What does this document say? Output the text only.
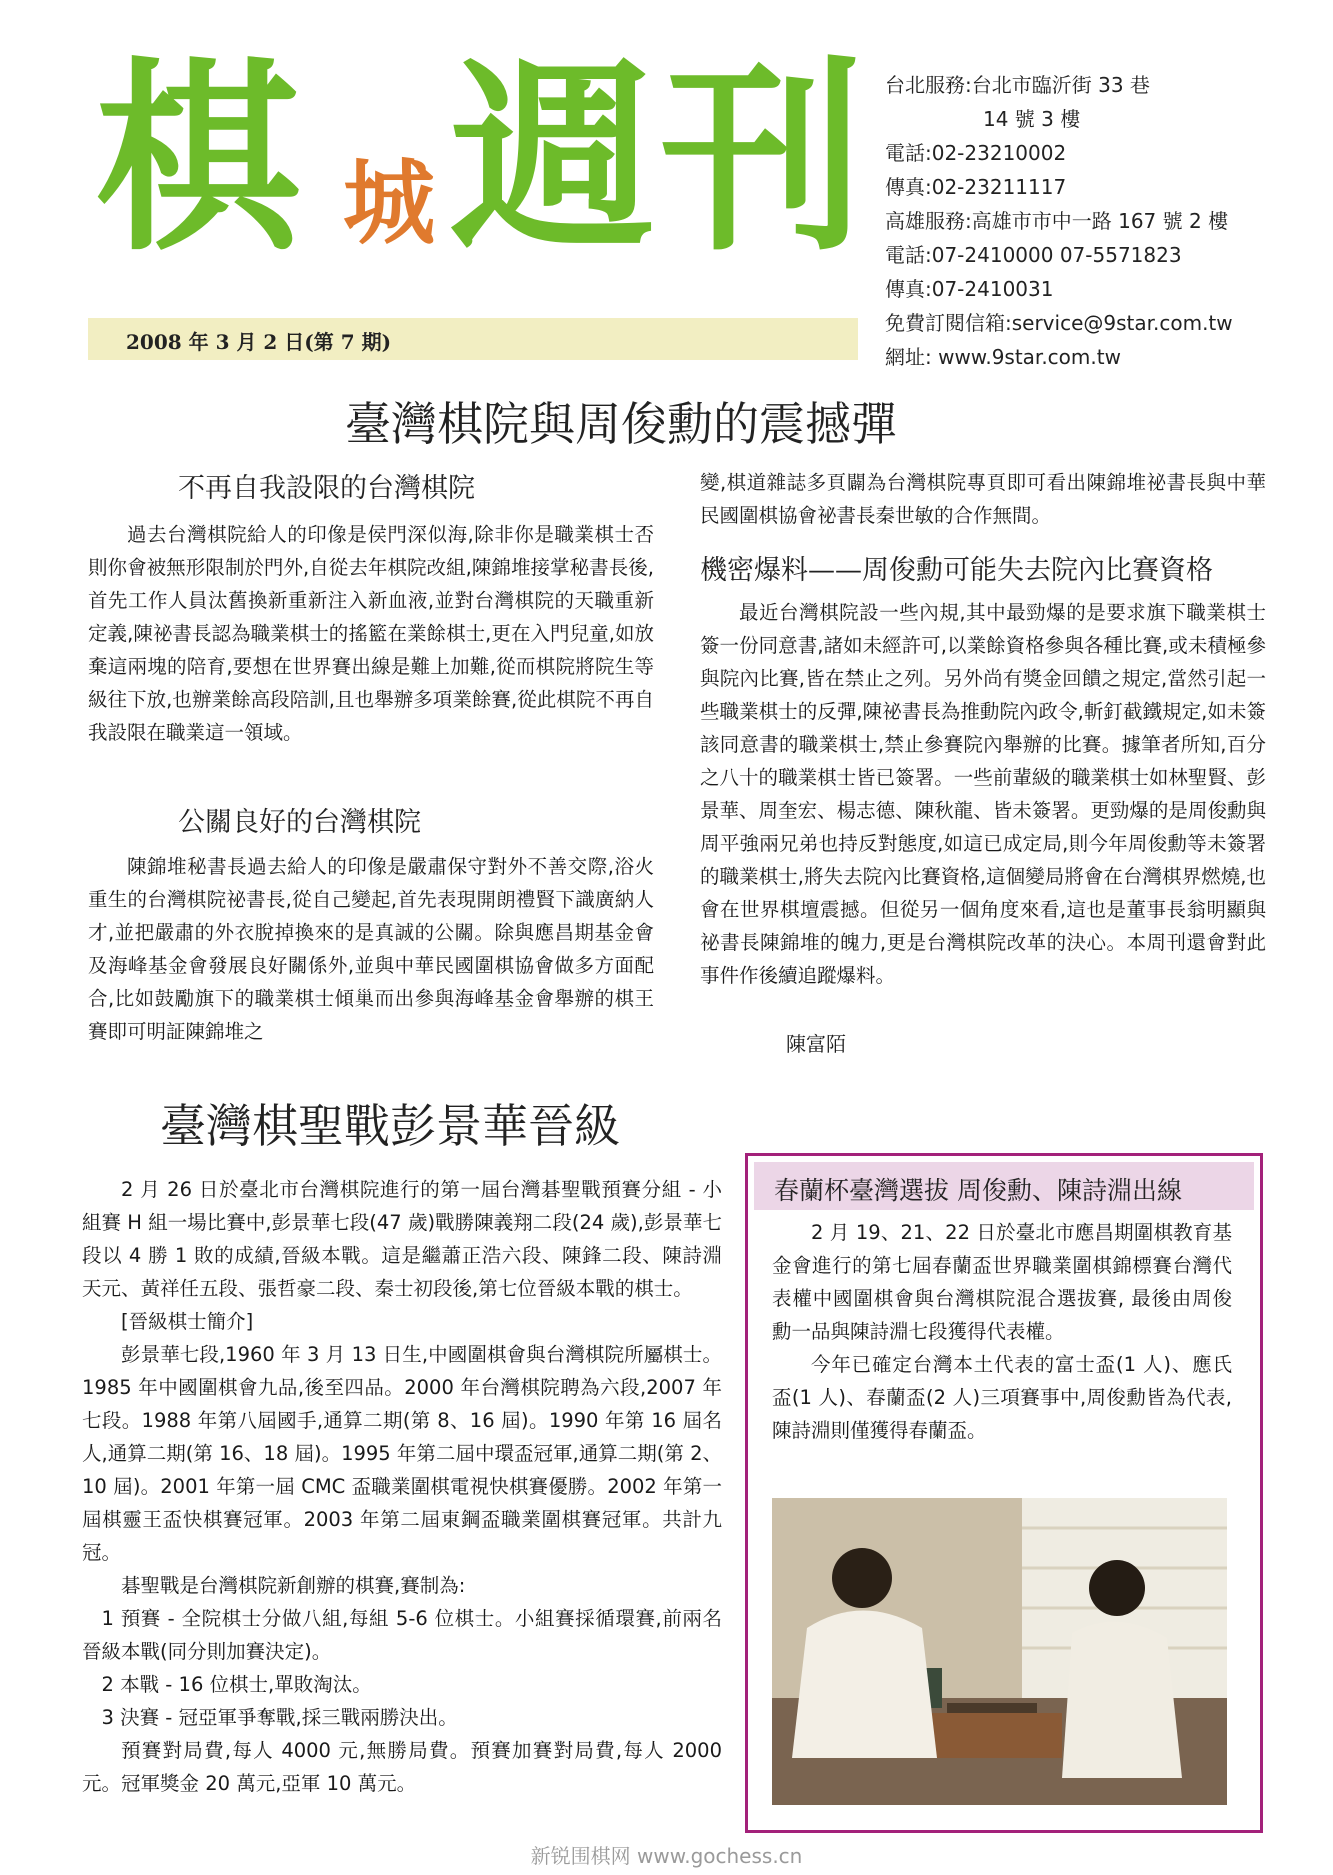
棋 城 週 刊
2008 年 3 月 2 日(第 7 期)
台北服務:台北市臨沂街 33 巷
14 號 3 樓
電話:02-23210002
傳真:02-23211117
高雄服務:高雄市市中一路 167 號 2 樓
電話:07-2410000 07-5571823
傳真:07-2410031
免費訂閱信箱:service@9star.com.tw
網址: www.9star.com.tw
臺灣棋院與周俊勳的震撼彈
不再自我設限的台灣棋院

過去台灣棋院給人的印像是侯門深似海,除非你是職業棋士否則你會被無形限制於門外,自從去年棋院改組,陳錦堆接掌秘書長後, 首先工作人員汰舊換新重新注入新血液,並對台灣棋院的天職重新定義,陳祕書長認為職業棋士的搖籃在業餘棋士,更在入門兒童,如放棄這兩塊的陪育,要想在世界賽出線是難上加難,從而棋院將院生等級往下放,也辦業餘高段陪訓,且也舉辦多項業餘賽,從此棋院不再自我設限在職業這一領域。

公關良好的台灣棋院

陳錦堆秘書長過去給人的印像是嚴肅保守對外不善交際,浴火重生的台灣棋院祕書長,從自己變起,首先表現開朗禮賢下識廣納人才,並把嚴肅的外衣脫掉換來的是真誠的公關。除與應昌期基金會及海峰基金會發展良好關係外,並與中華民國圍棋協會做多方面配合,比如鼓勵旗下的職業棋士傾巢而出參與海峰基金會舉辦的棋王賽即可明証陳錦堆之

變,棋道雜誌多頁闢為台灣棋院專頁即可看出陳錦堆祕書長與中華民國圍棋協會祕書長秦世敏的合作無間。

機密爆料——周俊勳可能失去院內比賽資格

最近台灣棋院設一些內規,其中最勁爆的是要求旗下職業棋士簽一份同意書,諸如未經許可,以業餘資格參與各種比賽,或未積極參與院內比賽,皆在禁止之列。另外尚有獎金回饋之規定,當然引起一些職業棋士的反彈,陳祕書長為推動院內政令,斬釘截鐵規定,如未簽該同意書的職業棋士,禁止參賽院內舉辦的比賽。據筆者所知,百分之八十的職業棋士皆已簽署。一些前輩級的職業棋士如林聖賢、彭景華、周奎宏、楊志德、陳秋龍、皆未簽署。更勁爆的是周俊勳與周平強兩兄弟也持反對態度,如這已成定局,則今年周俊勳等未簽署的職業棋士,將失去院內比賽資格,這個變局將會在台灣棋界燃燒,也會在世界棋壇震撼。但從另一個角度來看,這也是董事長翁明顯與祕書長陳錦堆的魄力,更是台灣棋院改革的決心。本周刊還會對此事件作後續追蹤爆料。

陳富陌
臺灣棋聖戰彭景華晉級

2 月 26 日於臺北市台灣棋院進行的第一屆台灣碁聖戰預賽分組 - 小組賽 H 組一場比賽中,彭景華七段(47 歲)戰勝陳義翔二段(24 歲),彭景華七段以 4 勝 1 敗的成績,晉級本戰。這是繼蕭正浩六段、陳鋒二段、陳詩淵天元、黃祥任五段、張哲豪二段、秦士初段後,第七位晉級本戰的棋士。

[晉級棋士簡介]

彭景華七段,1960 年 3 月 13 日生,中國圍棋會與台灣棋院所屬棋士。1985 年中國圍棋會九品,後至四品。2000 年台灣棋院聘為六段,2007 年七段。1988 年第八屆國手,通算二期(第 8、16 屆)。1990 年第 16 屆名人,通算二期(第 16、18 屆)。1995 年第二屆中環盃冠軍,通算二期(第 2、10 屆)。2001 年第一屆 CMC 盃職業圍棋電視快棋賽優勝。2002 年第一屆棋靈王盃快棋賽冠軍。2003 年第二屆東鋼盃職業圍棋賽冠軍。共計九冠。

碁聖戰是台灣棋院新創辦的棋賽,賽制為:

1 預賽 - 全院棋士分做八組,每組 5-6 位棋士。小組賽採循環賽,前兩名晉級本戰(同分則加賽決定)。

2 本戰 - 16 位棋士,單敗淘汰。

3 決賽 - 冠亞軍爭奪戰,採三戰兩勝決出。

預賽對局費,每人 4000 元,無勝局費。預賽加賽對局費,每人 2000 元。冠軍獎金 20 萬元,亞軍 10 萬元。

春蘭杯臺灣選拔 周俊勳、陳詩淵出線

2 月 19、21、22 日於臺北市應昌期圍棋教育基金會進行的第七屆春蘭盃世界職業圍棋錦標賽台灣代表權中國圍棋會與台灣棋院混合選拔賽, 最後由周俊勳一品與陳詩淵七段獲得代表權。

今年已確定台灣本土代表的富士盃(1 人)、應氏盃(1 人)、春蘭盃(2 人)三項賽事中,周俊勳皆為代表,陳詩淵則僅獲得春蘭盃。

新锐围棋网 www.gochess.cn
